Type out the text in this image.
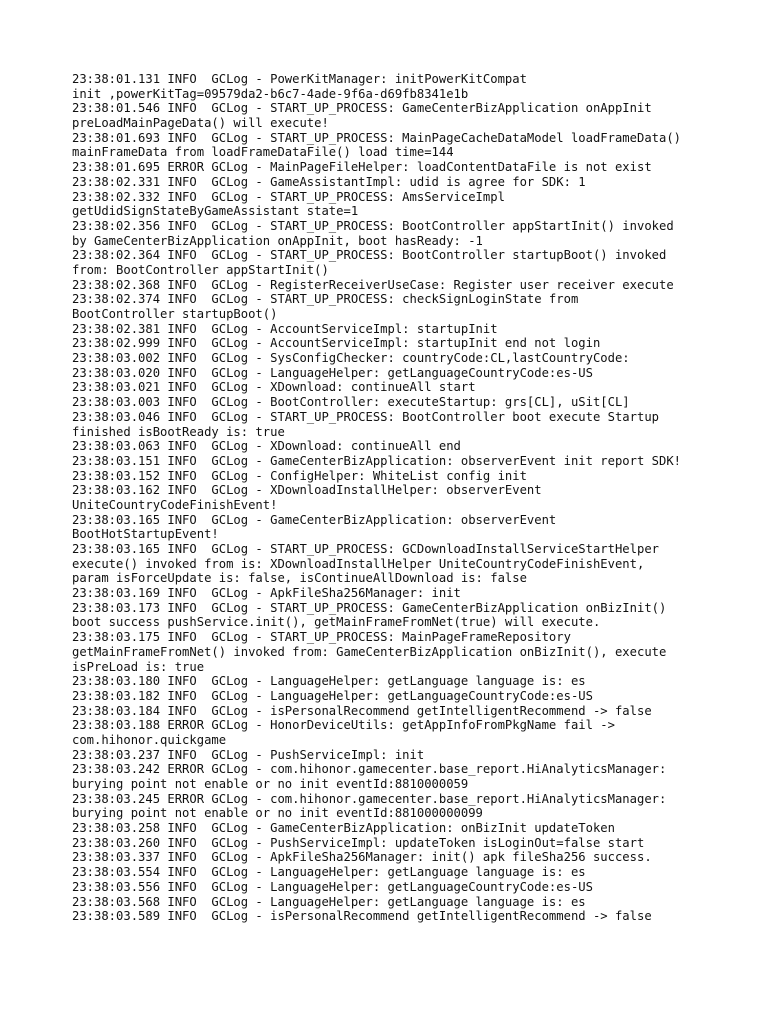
23:38:01.131 INFO  GCLog - PowerKitManager: initPowerKitCompat
init ,powerKitTag=09579da2-b6c7-4ade-9f6a-d69fb8341e1b
23:38:01.546 INFO  GCLog - START_UP_PROCESS: GameCenterBizApplication onAppInit
preLoadMainPageData() will execute!
23:38:01.693 INFO  GCLog - START_UP_PROCESS: MainPageCacheDataModel loadFrameData()
mainFrameData from loadFrameDataFile() load time=144
23:38:01.695 ERROR GCLog - MainPageFileHelper: loadContentDataFile is not exist
23:38:02.331 INFO  GCLog - GameAssistantImpl: udid is agree for SDK: 1
23:38:02.332 INFO  GCLog - START_UP_PROCESS: AmsServiceImpl
getUdidSignStateByGameAssistant state=1
23:38:02.356 INFO  GCLog - START_UP_PROCESS: BootController appStartInit() invoked
by GameCenterBizApplication onAppInit, boot hasReady: -1
23:38:02.364 INFO  GCLog - START_UP_PROCESS: BootController startupBoot() invoked
from: BootController appStartInit()
23:38:02.368 INFO  GCLog - RegisterReceiverUseCase: Register user receiver execute
23:38:02.374 INFO  GCLog - START_UP_PROCESS: checkSignLoginState from
BootController startupBoot()
23:38:02.381 INFO  GCLog - AccountServiceImpl: startupInit
23:38:02.999 INFO  GCLog - AccountServiceImpl: startupInit end not login
23:38:03.002 INFO  GCLog - SysConfigChecker: countryCode:CL,lastCountryCode:
23:38:03.020 INFO  GCLog - LanguageHelper: getLanguageCountryCode:es-US
23:38:03.021 INFO  GCLog - XDownload: continueAll start
23:38:03.003 INFO  GCLog - BootController: executeStartup: grs[CL], uSit[CL]
23:38:03.046 INFO  GCLog - START_UP_PROCESS: BootController boot execute Startup
finished isBootReady is: true
23:38:03.063 INFO  GCLog - XDownload: continueAll end
23:38:03.151 INFO  GCLog - GameCenterBizApplication: observerEvent init report SDK!
23:38:03.152 INFO  GCLog - ConfigHelper: WhiteList config init
23:38:03.162 INFO  GCLog - XDownloadInstallHelper: observerEvent
UniteCountryCodeFinishEvent!
23:38:03.165 INFO  GCLog - GameCenterBizApplication: observerEvent
BootHotStartupEvent!
23:38:03.165 INFO  GCLog - START_UP_PROCESS: GCDownloadInstallServiceStartHelper
execute() invoked from is: XDownloadInstallHelper UniteCountryCodeFinishEvent,
param isForceUpdate is: false, isContinueAllDownload is: false
23:38:03.169 INFO  GCLog - ApkFileSha256Manager: init
23:38:03.173 INFO  GCLog - START_UP_PROCESS: GameCenterBizApplication onBizInit()
boot success pushService.init(), getMainFrameFromNet(true) will execute.
23:38:03.175 INFO  GCLog - START_UP_PROCESS: MainPageFrameRepository
getMainFrameFromNet() invoked from: GameCenterBizApplication onBizInit(), execute
isPreLoad is: true
23:38:03.180 INFO  GCLog - LanguageHelper: getLanguage language is: es
23:38:03.182 INFO  GCLog - LanguageHelper: getLanguageCountryCode:es-US
23:38:03.184 INFO  GCLog - isPersonalRecommend getIntelligentRecommend -> false
23:38:03.188 ERROR GCLog - HonorDeviceUtils: getAppInfoFromPkgName fail ->
com.hihonor.quickgame
23:38:03.237 INFO  GCLog - PushServiceImpl: init
23:38:03.242 ERROR GCLog - com.hihonor.gamecenter.base_report.HiAnalyticsManager:
burying point not enable or no init eventId:8810000059
23:38:03.245 ERROR GCLog - com.hihonor.gamecenter.base_report.HiAnalyticsManager:
burying point not enable or no init eventId:881000000099
23:38:03.258 INFO  GCLog - GameCenterBizApplication: onBizInit updateToken
23:38:03.260 INFO  GCLog - PushServiceImpl: updateToken isLoginOut=false start
23:38:03.337 INFO  GCLog - ApkFileSha256Manager: init() apk fileSha256 success.
23:38:03.554 INFO  GCLog - LanguageHelper: getLanguage language is: es
23:38:03.556 INFO  GCLog - LanguageHelper: getLanguageCountryCode:es-US
23:38:03.568 INFO  GCLog - LanguageHelper: getLanguage language is: es
23:38:03.589 INFO  GCLog - isPersonalRecommend getIntelligentRecommend -> false
